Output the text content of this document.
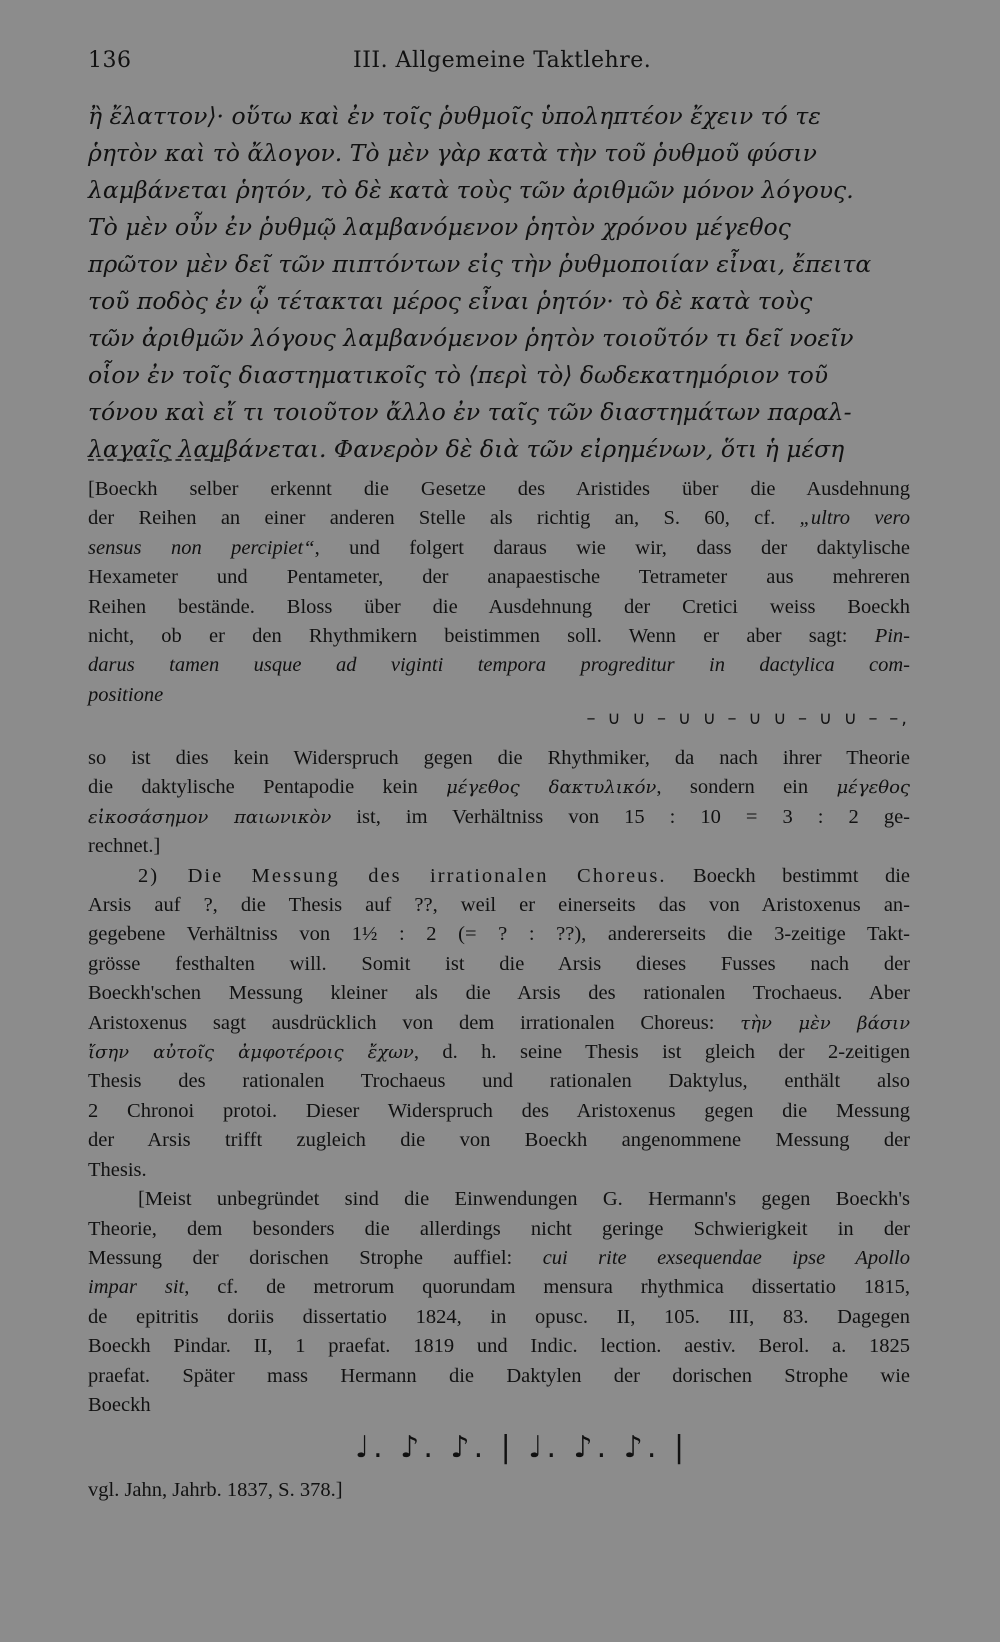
136	III. Allgemeine Taktlehre.
ἢ ἔλαττον⟩· οὕτω καὶ ἐν τοῖς ῥυθμοῖς ὑποληπτέον ἔχειν τό τε
ῥητὸν καὶ τὸ ἄλογον. Τὸ μὲν γὰρ κατὰ τὴν τοῦ ῥυθμοῦ φύσιν
λαμβάνεται ῥητόν, τὸ δὲ κατὰ τοὺς τῶν ἀριθμῶν μόνον λόγους.
Τὸ μὲν οὖν ἐν ῥυθμῷ λαμβανόμενον ῥητὸν χρόνου μέγεθος
πρῶτον μὲν δεῖ τῶν πιπτόντων εἰς τὴν ῥυθμοποιίαν εἶναι, ἔπειτα
τοῦ ποδὸς ἐν ᾧ τέτακται μέρος εἶναι ῥητόν· τὸ δὲ κατὰ τοὺς
τῶν ἀριθμῶν λόγους λαμβανόμενον ῥητὸν τοιοῦτόν τι δεῖ νοεῖν
οἷον ἐν τοῖς διαστηματικοῖς τὸ ⟨περὶ τὸ⟩ δωδεκατημόριον τοῦ
τόνου καὶ εἴ τι τοιοῦτον ἄλλο ἐν ταῖς τῶν διαστημάτων παραλ-
λαγαῖς λαμβάνεται. Φανερὸν δὲ διὰ τῶν εἰρημένων, ὅτι ἡ μέση
[Boeckh selber erkennt die Gesetze des Aristides über die Ausdehnung
der Reihen an einer anderen Stelle als richtig an, S. 60, cf. „ultro vero
sensus non percipiet“, und folgert daraus wie wir, dass der daktylische
Hexameter und Pentameter, der anapaestische Tetrameter aus mehreren
Reihen bestände. Bloss über die Ausdehnung der Cretici weiss Boeckh
nicht, ob er den Rhythmikern beistimmen soll. Wenn er aber sagt: Pin-
darus tamen usque ad viginti tempora progreditur in dactylica com-
positione
– ∪ ∪ – ∪ ∪ – ∪ ∪ – ∪ ∪ – –,
so ist dies kein Widerspruch gegen die Rhythmiker, da nach ihrer Theorie
die daktylische Pentapodie kein μέγεθος δακτυλικόν, sondern ein μέγεθος
εἰκοσάσημον παιωνικὸν ist, im Verhältniss von 15 : 10 = 3 : 2 ge-
rechnet.]
2) Die Messung des irrationalen Choreus. Boeckh bestimmt die
Arsis auf ?, die Thesis auf ??, weil er einerseits das von Aristoxenus an-
gegebene Verhältniss von 1½ : 2 (= ? : ??), andererseits die 3-zeitige Takt-
grösse festhalten will. Somit ist die Arsis dieses Fusses nach der
Boeckh'schen Messung kleiner als die Arsis des rationalen Trochaeus. Aber
Aristoxenus sagt ausdrücklich von dem irrationalen Choreus: τὴν μὲν βάσιν
ἴσην αὐτοῖς ἀμφοτέροις ἔχων, d. h. seine Thesis ist gleich der 2-zeitigen
Thesis des rationalen Trochaeus und rationalen Daktylus, enthält also
2 Chronoi protoi. Dieser Widerspruch des Aristoxenus gegen die Messung
der Arsis trifft zugleich die von Boeckh angenommene Messung der
Thesis.
[Meist unbegründet sind die Einwendungen G. Hermann's gegen Boeckh's
Theorie, dem besonders die allerdings nicht geringe Schwierigkeit in der
Messung der dorischen Strophe auffiel: cui rite exsequendae ipse Apollo
impar sit, cf. de metrorum quorundam mensura rhythmica dissertatio 1815,
de epitritis doriis dissertatio 1824, in opusc. II, 105. III, 83. Dagegen
Boeckh Pindar. II, 1 praefat. 1819 und Indic. lection. aestiv. Berol. a. 1825
praefat. Später mass Hermann die Daktylen der dorischen Strophe wie
Boeckh
♩. ♪. ♪. | ♩. ♪. ♪. |
vgl. Jahn, Jahrb. 1837, S. 378.]
